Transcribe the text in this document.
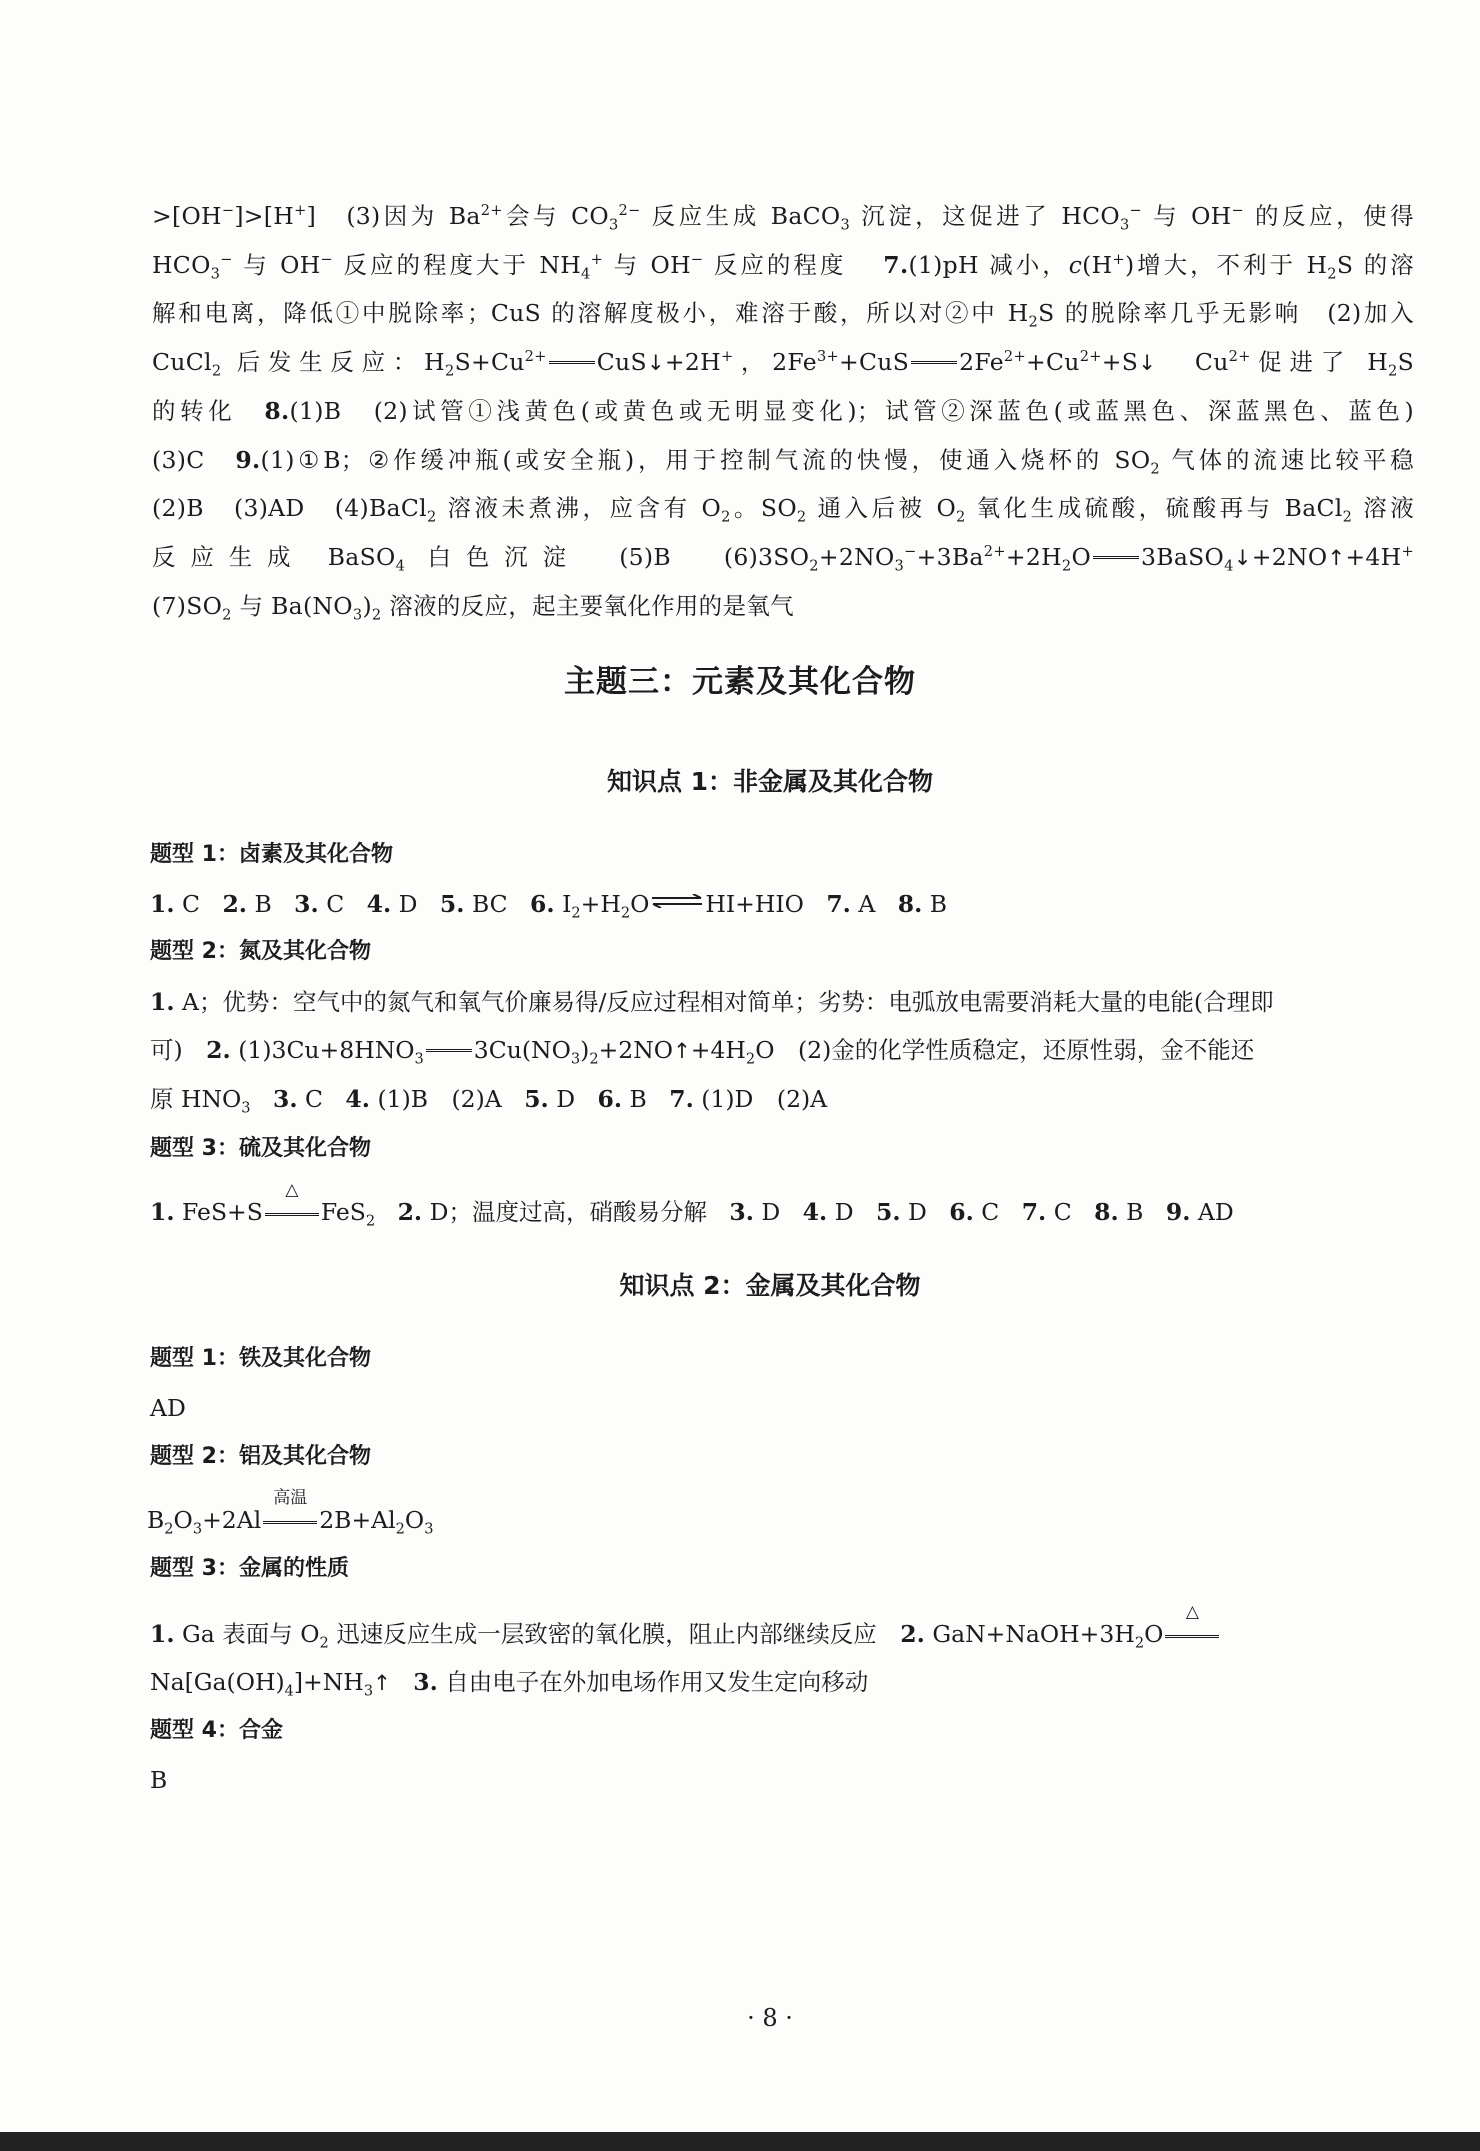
>[OH−]>[H+]　(3)因为 $Ba^{2+}$会与 $CO_3^{2-}$ 反应生成 BaCO$_3$ 沉淀，这促进了 $HCO_3^-$ 与 OH− 的反应，使得
$HCO_3^-$ 与 OH− 反应的程度大于 $NH_4^+$ 与 OH− 反应的程度　 7.(1)pH 减小，c(H+)增大，不利于 $H_2S$ 的溶
解和电离，降低①中脱除率；CuS 的溶解度极小，难溶于酸，所以对②中 $H_2S$ 的脱除率几乎无影响　(2)加入
CuCl$_2$ 后发生反应：$H_2S+Cu^{2+}$ CuS↓+2H+，$2Fe^{3+}+CuS$ $2Fe^{2+}+Cu^{2+}+S↓$　$Cu^{2+}$促进了 $H_2S$
的转化　8.(1)B　(2)试管①浅黄色(或黄色或无明显变化)；试管②深蓝色(或蓝黑色、深蓝黑色、蓝色)
(3)C　9.(1)①B；②作缓冲瓶(或安全瓶)，用于控制气流的快慢，使通入烧杯的 $SO_2$ 气体的流速比较平稳
(2)B　(3)AD　(4)BaCl$_2$ 溶液未煮沸，应含有 $O_2$。$SO_2$ 通入后被 $O_2$ 氧化生成硫酸，硫酸再与 BaCl$_2$ 溶液
反应生成 BaSO$_4$ 白色沉淀　(5)B　$(6)3SO_2+2NO_3^-+3Ba^{2+}+2H_2O$ 3BaSO$_4$↓+2NO↑+4H+
$(7)SO_2$ 与 $Ba(NO_3)_2$ 溶液的反应，起主要氧化作用的是氧气
主题三：元素及其化合物
知识点 1：非金属及其化合物
题型 1：卤素及其化合物
1. C 2. B 3. C 4. D 5. BC 6. $I_2+H_2O$ ⇌ HI+HIO 7. A 8. B
题型 2：氮及其化合物
1. A；优势：空气中的氮气和氧气价廉易得/反应过程相对简单；劣势：电弧放电需要消耗大量的电能(合理即
可)　2. $(1)3Cu+8HNO_3$ $3Cu(NO_3)_2+2NO↑+4H_2O$　(2)金的化学性质稳定，还原性弱，金不能还
原 $HNO_3$ 3. C 4. (1)B　(2)A 5. D 6. B 7. (1)D　(2)A
题型 3：硫及其化合物
1. FeS+S
△
FeS$_2$ 2. D；温度过高，硝酸易分解 3. D 4. D 5. D 6. C 7. C 8. B 9. AD
知识点 2：金属及其化合物
题型 1：铁及其化合物
AD
题型 2：铝及其化合物
$B_2O_3+2Al$
高温
$2B+Al_2O_3$
题型 3：金属的性质
1. Ga 表面与 $O_2$ 迅速反应生成一层致密的氧化膜，阻止内部继续反应　2. $GaN+NaOH+3H_2O$
△
$Na[Ga(OH)_4]+NH_3↑$ 3. 自由电子在外加电场作用又发生定向移动
题型 4：合金
B
· 8 ·
